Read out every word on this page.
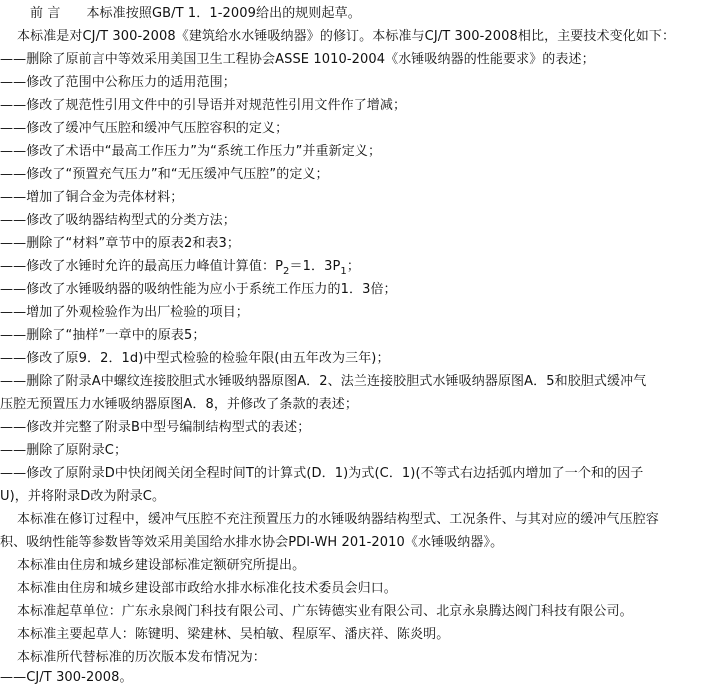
前 言 本标准按照GB/T 1．1-2009给出的规则起草。
本标准是对CJ/T 300-2008《建筑给水水锤吸纳器》的修订。本标准与CJ/T 300-2008相比，主要技术变化如下：
——删除了原前言中等效采用美国卫生工程协会ASSE 1010-2004《水锤吸纳器的性能要求》的表述；
——修改了范围中公称压力的适用范围；
——修改了规范性引用文件中的引导语并对规范性引用文件作了增减；
——修改了缓冲气压腔和缓冲气压腔容积的定义；
——修改了术语中“最高工作压力”为“系统工作压力”并重新定义；
——修改了“预置充气压力”和“无压缓冲气压腔”的定义；
——增加了铜合金为壳体材料；
——修改了吸纳器结构型式的分类方法；
——删除了“材料”章节中的原表2和表3；
——修改了水锤时允许的最高压力峰值计算值：$P_2=1$．$3P_1$；
——修改了水锤吸纳器的吸纳性能为应小于系统工作压力的1．3倍；
——增加了外观检验作为出厂检验的项目；
——删除了“抽样”一章中的原表5；
——修改了原9．2．1d)中型式检验的检验年限(由五年改为三年)；
——删除了附录A中螺纹连接胶胆式水锤吸纳器原图A．2、法兰连接胶胆式水锤吸纳器原图A．5和胶胆式缓冲气
压腔无预置压力水锤吸纳器原图A．8，并修改了条款的表述；
——修改并完整了附录B中型号编制结构型式的表述；
——删除了原附录C；
——修改了原附录D中快闭阀关闭全程时间T的计算式(D．1)为式(C．1)(不等式右边括弧内增加了一个和的因子
U)，并将附录D改为附录C。
本标准在修订过程中，缓冲气压腔不充注预置压力的水锤吸纳器结构型式、工况条件、与其对应的缓冲气压腔容
积、吸纳性能等参数皆等效采用美国给水排水协会PDI-WH 201-2010《水锤吸纳器》。
本标准由住房和城乡建设部标准定额研究所提出。
本标准由住房和城乡建设部市政给水排水标准化技术委员会归口。
本标准起草单位：广东永泉阀门科技有限公司、广东铸德实业有限公司、北京永泉腾达阀门科技有限公司。
本标准主要起草人：陈键明、梁建林、吴柏敏、程原军、潘庆祥、陈炎明。
本标准所代替标准的历次版本发布情况为：
——CJ/T 300-2008。
